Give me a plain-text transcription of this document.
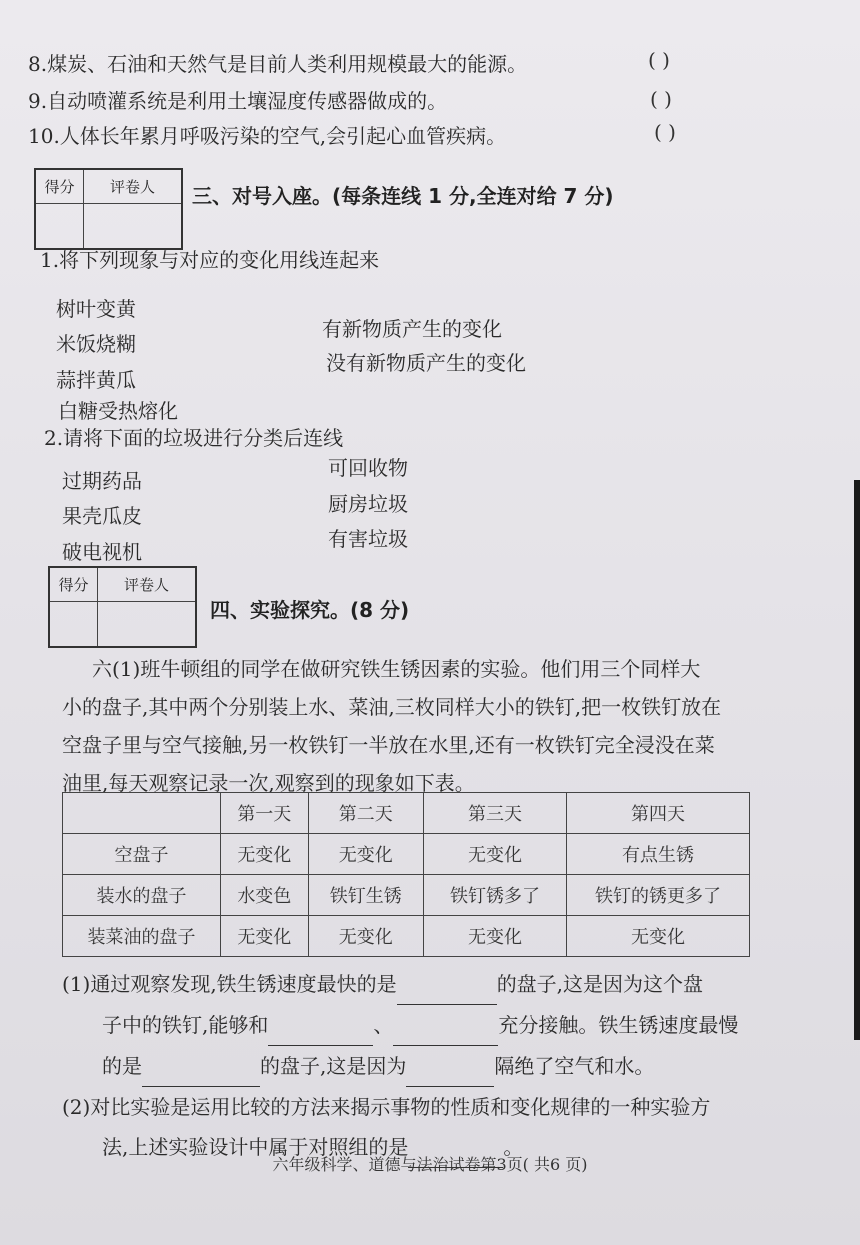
8.煤炭、石油和天然气是目前人类利用规模最大的能源。	( )
9.自动喷灌系统是利用土壤湿度传感器做成的。	( )
10.人体长年累月呼吸污染的空气,会引起心血管疾病。	( )
得分	评卷人	三、对号入座。(每条连线 1 分,全连对给 7 分)
1.将下列现象与对应的变化用线连起来
树叶变黄
米饭烧糊
蒜拌黄瓜
白糖受热熔化
有新物质产生的变化
没有新物质产生的变化
2.请将下面的垃圾进行分类后连线
过期药品
果壳瓜皮
破电视机
可回收物
厨房垃圾
有害垃圾
得分	评卷人
四、实验探究。(8 分)

六(1)班牛顿组的同学在做研究铁生锈因素的实验。他们用三个同样大

小的盘子,其中两个分别装上水、菜油,三枚同样大小的铁钉,把一枚铁钉放在

空盘子里与空气接触,另一枚铁钉一半放在水里,还有一枚铁钉完全浸没在菜

油里,每天观察记录一次,观察到的现象如下表。

	第一天	第二天	第三天	第四天
空盘子	无变化	无变化	无变化	有点生锈
装水的盘子	水变色	铁钉生锈	铁钉锈多了	铁钉的锈更多了
装菜油的盘子	无变化	无变化	无变化	无变化

(1)通过观察发现,铁生锈速度最快的是	的盘子,这是因为这个盘

子中的铁钉,能够和	、	充分接触。铁生锈速度最慢

的是	的盘子,这是因为	隔绝了空气和水。

(2)对比实验是运用比较的方法来揭示事物的性质和变化规律的一种实验方

法,上述实验设计中属于对照组的是	。

六年级科学、道德与法治试卷第3页( 共6 页)
